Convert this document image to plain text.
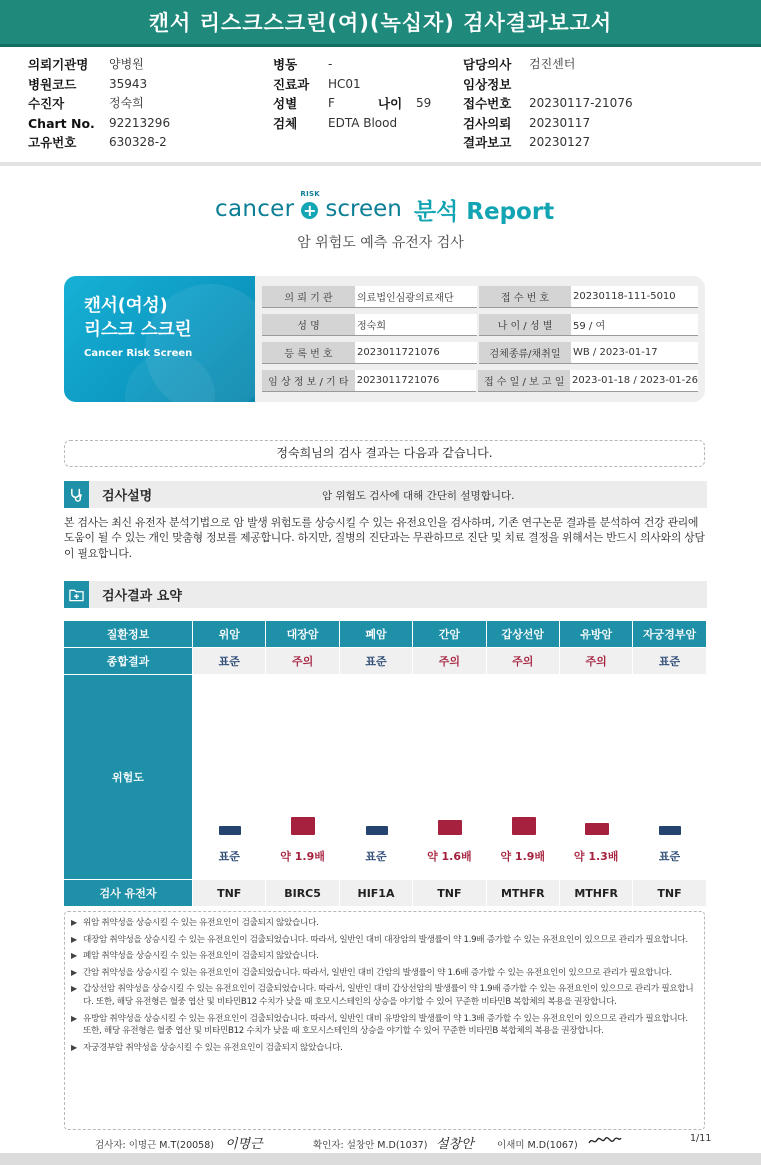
캔서 리스크스크린(여)(녹십자) 검사결과보고서
의뢰기관명	양병원
병원코드	35943
수진자	정숙희
Chart No.	92213296
고유번호	630328-2
병동	-
진료과	HC01
성별	F	나이	59
검체	EDTA Blood
담당의사	검진센터
임상정보
접수번호	20230117-21076
검사의뢰	20230117
결과보고	20230127
cancer
RISK
+ screen 분석 Report
암 위험도 예측 유전자 검사
캔서(여성)
리스크 스크린
Cancer Risk Screen
의 뢰 기 관	의료법인심광의료재단	접 수 번 호	20230118-111-5010
성 명	정숙희	나 이 / 성 별	59 / 여
등 록 번 호	2023011721076	검체종류/채취일	WB / 2023-01-17
임 상 정 보 / 기 타 2023011721076	접 수 일 / 보 고 일 2023-01-18 / 2023-01-26
정숙희님의 검사 결과는 다음과 같습니다.
검사설명	암 위험도 검사에 대해 간단히 설명합니다.
본 검사는 최신 유전자 분석기법으로 암 발생 위험도를 상승시킬 수 있는 유전요인을 검사하며, 기존 연구논문 결과를 분석하여 건강 관리에 도움이 될 수 있는 개인 맞춤형 정보를 제공합니다. 하지만, 질병의 진단과는 무관하므로 진단 및 치료 결정을 위해서는 반드시 의사와의 상담이 필요합니다.
검사결과 요약
질환정보	위암	대장암	폐암	간암	갑상선암	유방암	자궁경부암
종합결과	표준	주의	표준	주의	주의	주의	표준
위험도
표준	약 1.9배	표준	약 1.6배	약 1.9배	약 1.3배	표준
검사 유전자	TNF	BIRC5	HIF1A	TNF	MTHFR	MTHFR	TNF
▶ 위암 취약성을 상승시킬 수 있는 유전요인이 검출되지 않았습니다.
▶ 대장암 취약성을 상승시킬 수 있는 유전요인이 검출되었습니다. 따라서, 일반인 대비 대장암의 발생률이 약 1.9배 증가할 수 있는 유전요인이 있으므로 관리가 필요합니다.
▶ 폐암 취약성을 상승시킬 수 있는 유전요인이 검출되지 않았습니다.
▶ 간암 취약성을 상승시킬 수 있는 유전요인이 검출되었습니다. 따라서, 일반인 대비 간암의 발생률이 약 1.6배 증가할 수 있는 유전요인이 있으므로 관리가 필요합니다.
▶ 갑상선암 취약성을 상승시킬 수 있는 유전요인이 검출되었습니다. 따라서, 일반인 대비 갑상선암의 발생률이 약 1.9배 증가할 수 있는 유전요인이 있으므로 관리가 필요합니다. 또한, 해당 유전형은 혈중 엽산 및 비타민B12 수치가 낮을 때 호모시스테인의 상승을 야기할 수 있어 꾸준한 비타민B 복합체의 복용을 권장합니다.
▶ 유방암 취약성을 상승시킬 수 있는 유전요인이 검출되었습니다. 따라서, 일반인 대비 유방암의 발생률이 약 1.3배 증가할 수 있는 유전요인이 있으므로 관리가 필요합니다. 또한, 해당 유전형은 혈중 엽산 및 비타민B12 수치가 낮을 때 호모시스테인의 상승을 야기할 수 있어 꾸준한 비타민B 복합체의 복용을 권장합니다.
▶ 자궁경부암 취약성을 상승시킬 수 있는 유전요인이 검출되지 않았습니다.
검사자: 이명근 M.T(20058) 이명근	확인자: 설창안 M.D(1037) 설창안 이새미 M.D(1067)
1/11
